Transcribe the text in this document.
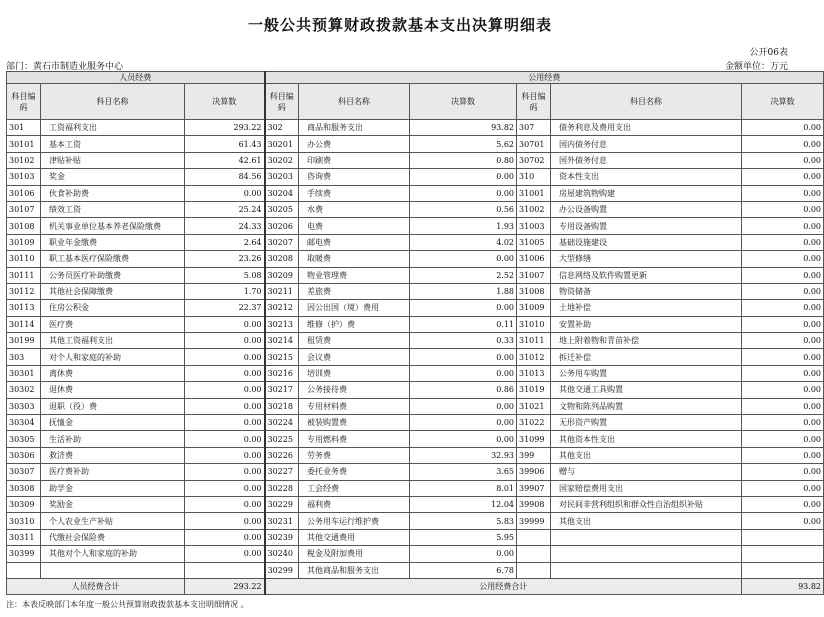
一般公共预算财政拨款基本支出决算明细表
公开06表
部门：黄石市制造业服务中心	金额单位：万元
人员经费			公用经费					
科目编码	科目名称	决算数	科目编码	科目名称	决算数	科目编码	科目名称	决算数
301	工资福利支出	293.22	302	商品和服务支出	93.82	307	债务利息及费用支出	0.00
30101	基本工资	61.43	30201	办公费	5.62	30701	国内债务付息	0.00
30102	津贴补贴	42.61	30202	印刷费	0.80	30702	国外债务付息	0.00
30103	奖金	84.56	30203	咨询费	0.00	310	资本性支出	0.00
30106	伙食补助费	0.00	30204	手续费	0.00	31001	房屋建筑物购建	0.00
30107	绩效工资	25.24	30205	水费	0.56	31002	办公设备购置	0.00
30108	机关事业单位基本养老保险缴费	24.33	30206	电费	1.93	31003	专用设备购置	0.00
30109	职业年金缴费	2.64	30207	邮电费	4.02	31005	基础设施建设	0.00
30110	职工基本医疗保险缴费	23.26	30208	取暖费	0.00	31006	大型修缮	0.00
30111	公务员医疗补助缴费	5.08	30209	物业管理费	2.52	31007	信息网络及软件购置更新	0.00
30112	其他社会保障缴费	1.70	30211	差旅费	1.88	31008	物资储备	0.00
30113	住房公积金	22.37	30212	因公出国（境）费用	0.00	31009	土地补偿	0.00
30114	医疗费	0.00	30213	维修（护）费	0.11	31010	安置补助	0.00
30199	其他工资福利支出	0.00	30214	租赁费	0.33	31011	地上附着物和青苗补偿	0.00
303	对个人和家庭的补助	0.00	30215	会议费	0.00	31012	拆迁补偿	0.00
30301	离休费	0.00	30216	培训费	0.00	31013	公务用车购置	0.00
30302	退休费	0.00	30217	公务接待费	0.86	31019	其他交通工具购置	0.00
30303	退职（役）费	0.00	30218	专用材料费	0.00	31021	文物和陈列品购置	0.00
30304	抚恤金	0.00	30224	被装购置费	0.00	31022	无形资产购置	0.00
30305	生活补助	0.00	30225	专用燃料费	0.00	31099	其他资本性支出	0.00
30306	救济费	0.00	30226	劳务费	32.93	399	其他支出	0.00
30307	医疗费补助	0.00	30227	委托业务费	3.65	39906	赠与	0.00
30308	助学金	0.00	30228	工会经费	8.01	39907	国家赔偿费用支出	0.00
30309	奖励金	0.00	30229	福利费	12.04	39908	对民间非营利组织和群众性自治组织补贴	0.00
30310	个人农业生产补贴	0.00	30231	公务用车运行维护费	5.83	39999	其他支出	0.00
30311	代缴社会保险费	0.00	30239	其他交通费用	5.95			
30399	其他对个人和家庭的补助	0.00	30240	税金及附加费用	0.00			
			30299	其他商品和服务支出	6.78			
人员经费合计		293.22	公用经费合计					93.82
注：本表反映部门本年度一般公共预算财政拨款基本支出明细情况 。
